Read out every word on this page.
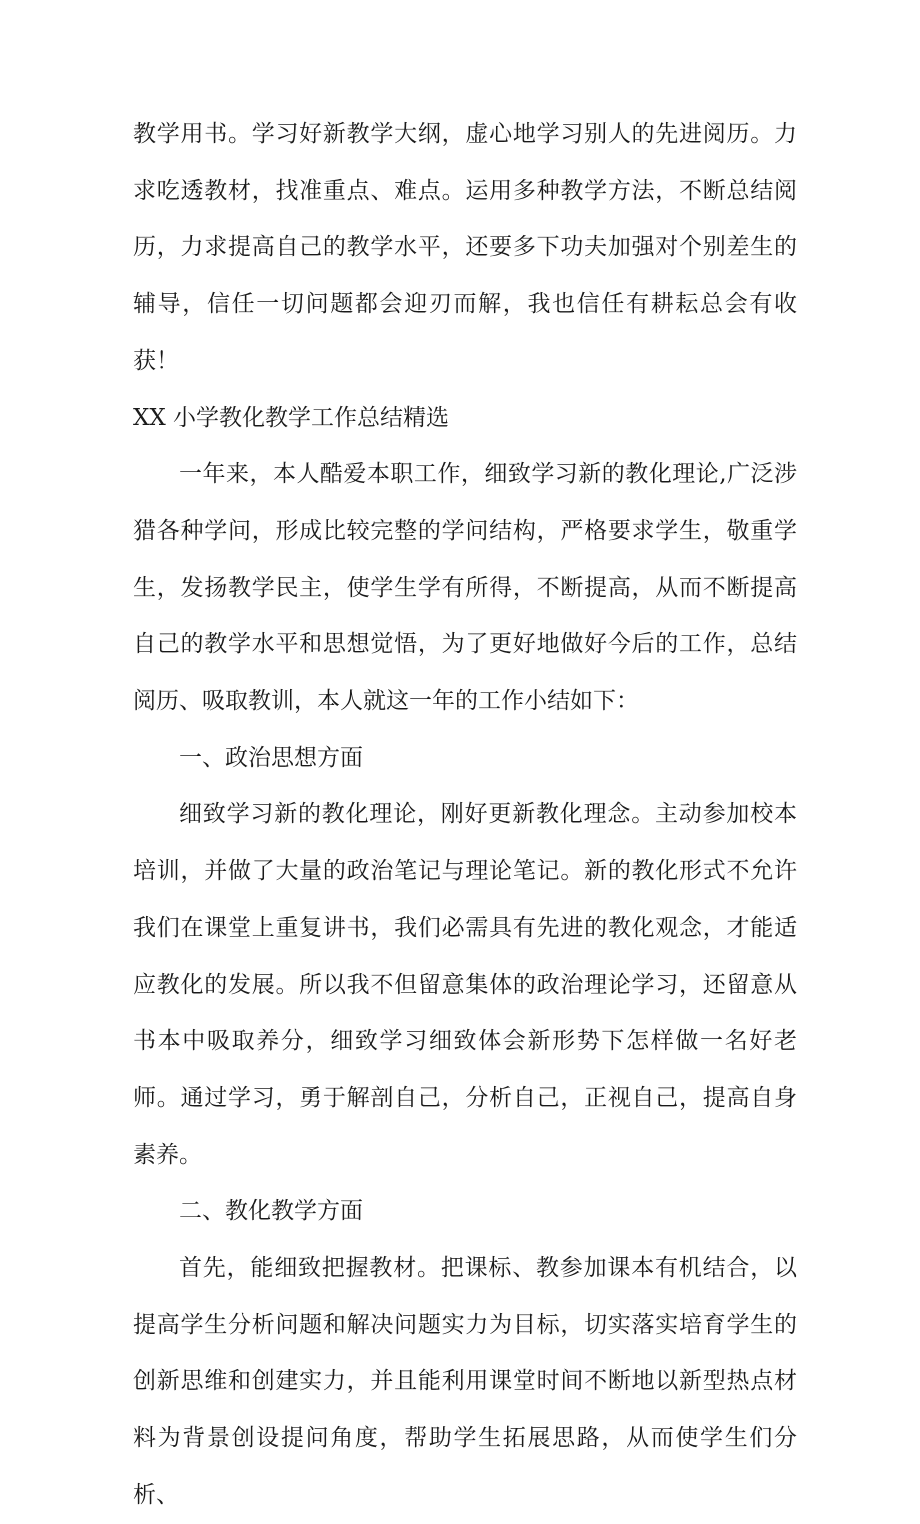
教学用书。学习好新教学大纲，虚心地学习别人的先进阅历。力求吃透教材，找准重点、难点。运用多种教学方法，不断总结阅历，力求提高自己的教学水平，还要多下功夫加强对个别差生的辅导，信任一切问题都会迎刃而解，我也信任有耕耘总会有收获！

XX 小学教化教学工作总结精选

一年来，本人酷爱本职工作，细致学习新的教化理论,广泛涉猎各种学问，形成比较完整的学问结构，严格要求学生，敬重学生，发扬教学民主，使学生学有所得，不断提高，从而不断提高自己的教学水平和思想觉悟，为了更好地做好今后的工作，总结阅历、吸取教训，本人就这一年的工作小结如下：

一、政治思想方面

细致学习新的教化理论，刚好更新教化理念。主动参加校本培训，并做了大量的政治笔记与理论笔记。新的教化形式不允许我们在课堂上重复讲书，我们必需具有先进的教化观念，才能适应教化的发展。所以我不但留意集体的政治理论学习，还留意从书本中吸取养分，细致学习细致体会新形势下怎样做一名好老师。通过学习，勇于解剖自己，分析自己，正视自己，提高自身素养。

二、教化教学方面

首先，能细致把握教材。把课标、教参加课本有机结合，以提高学生分析问题和解决问题实力为目标，切实落实培育学生的创新思维和创建实力，并且能利用课堂时间不断地以新型热点材料为背景创设提问角度，帮助学生拓展思路，从而使学生们分析、
